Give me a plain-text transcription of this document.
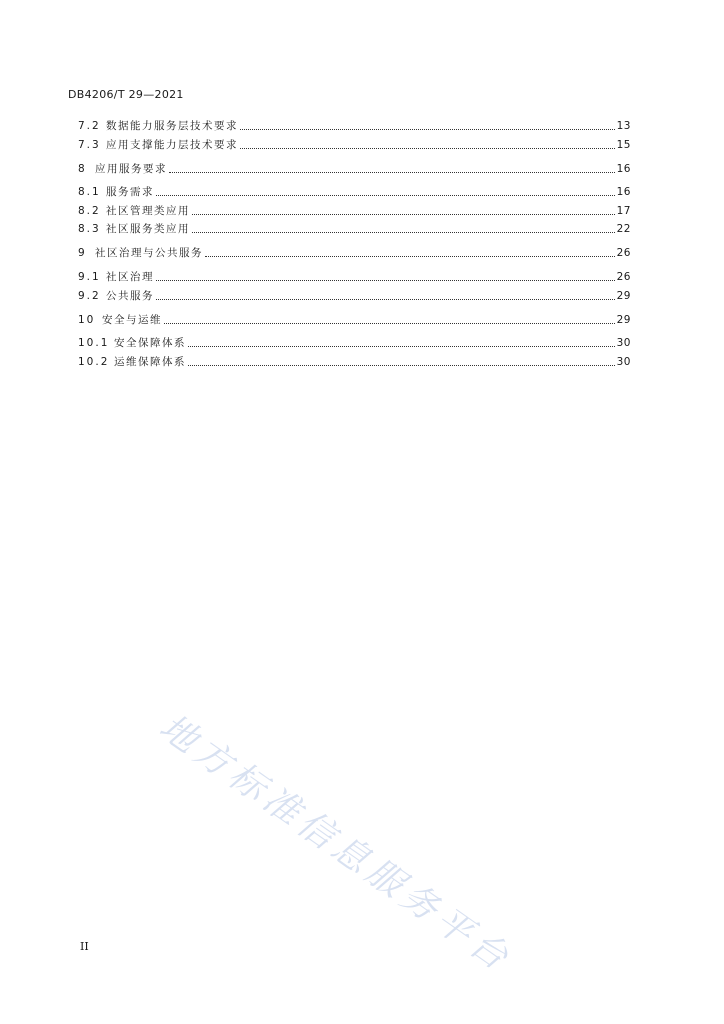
DB4206/T 29—2021
7.2 数据能力服务层技术要求	13
7.3 应用支撑能力层技术要求	15
8 应用服务要求	16
8.1 服务需求	16
8.2 社区管理类应用	17
8.3 社区服务类应用	22
9 社区治理与公共服务	26
9.1 社区治理	26
9.2 公共服务	29
10 安全与运维	29
10.1 安全保障体系	30
10.2 运维保障体系	30
地方标准信息服务平台
II
